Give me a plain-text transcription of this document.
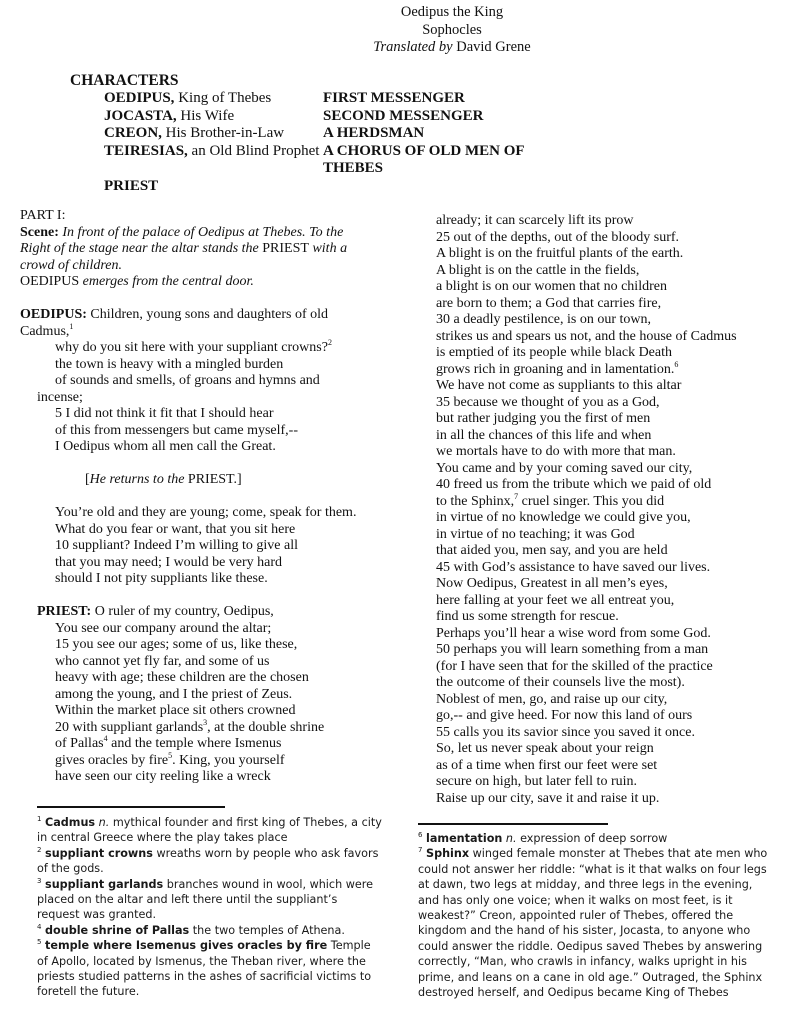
Oedipus the King
Sophocles
Translated by David Grene
CHARACTERS
OEDIPUS, King of Thebes
JOCASTA, His Wife
CREON, His Brother-in-Law
TEIRESIAS, an Old Blind Prophet
FIRST MESSENGER
SECOND MESSENGER
A HERDSMAN
A CHORUS OF OLD MEN OF
THEBES
PRIEST
PART I:
Scene: In front of the palace of Oedipus at Thebes. To the
Right of the stage near the altar stands the PRIEST with a
crowd of children.
OEDIPUS emerges from the central door.
OEDIPUS: Children, young sons and daughters of old
Cadmus,$^1$
why do you sit here with your suppliant crowns?$^2$
the town is heavy with a mingled burden
of sounds and smells, of groans and hymns and
incense;
5 I did not think it fit that I should hear
of this from messengers but came myself,--
I Oedipus whom all men call the Great.
[He returns to the PRIEST.]
You’re old and they are young; come, speak for them.
What do you fear or want, that you sit here
10 suppliant? Indeed I’m willing to give all
that you may need; I would be very hard
should I not pity suppliants like these.
PRIEST: O ruler of my country, Oedipus,
You see our company around the altar;
15 you see our ages; some of us, like these,
who cannot yet fly far, and some of us
heavy with age; these children are the chosen
among the young, and I the priest of Zeus.
Within the market place sit others crowned
20 with suppliant garlands$^3$, at the double shrine
of Pallas$^4$ and the temple where Ismenus
gives oracles by fire$^5$. King, you yourself
have seen our city reeling like a wreck
already; it can scarcely lift its prow
25 out of the depths, out of the bloody surf.
A blight is on the fruitful plants of the earth.
A blight is on the cattle in the fields,
a blight is on our women that no children
are born to them; a God that carries fire,
30 a deadly pestilence, is on our town,
strikes us and spears us not, and the house of Cadmus
is emptied of its people while black Death
grows rich in groaning and in lamentation.$^6$
We have not come as suppliants to this altar
35 because we thought of you as a God,
but rather judging you the first of men
in all the chances of this life and when
we mortals have to do with more that man.
You came and by your coming saved our city,
40 freed us from the tribute which we paid of old
to the Sphinx,$^7$ cruel singer. This you did
in virtue of no knowledge we could give you,
in virtue of no teaching; it was God
that aided you, men say, and you are held
45 with God’s assistance to have saved our lives.
Now Oedipus, Greatest in all men’s eyes,
here falling at your feet we all entreat you,
find us some strength for rescue.
Perhaps you’ll hear a wise word from some God.
50 perhaps you will learn something from a man
(for I have seen that for the skilled of the practice
the outcome of their counsels live the most).
Noblest of men, go, and raise up our city,
go,-- and give heed. For now this land of ours
55 calls you its savior since you saved it once.
So, let us never speak about your reign
as of a time when first our feet were set
secure on high, but later fell to ruin.
Raise up our city, save it and raise it up.
$^1$ Cadmus n. mythical founder and first king of Thebes, a city in central Greece where the play takes place
$^2$ suppliant crowns wreaths worn by people who ask favors of the gods.
$^3$ suppliant garlands branches wound in wool, which were placed on the altar and left there until the suppliant’s request was granted.
$^4$ double shrine of Pallas the two temples of Athena.
$^5$ temple where Isemenus gives oracles by fire Temple of Apollo, located by Ismenus, the Theban river, where the priests studied patterns in the ashes of sacrificial victims to foretell the future.
$^6$ lamentation n. expression of deep sorrow
$^7$ Sphinx winged female monster at Thebes that ate men who could not answer her riddle: “what is it that walks on four legs at dawn, two legs at midday, and three legs in the evening, and has only one voice; when it walks on most feet, is it weakest?” Creon, appointed ruler of Thebes, offered the kingdom and the hand of his sister, Jocasta, to anyone who could answer the riddle. Oedipus saved Thebes by answering correctly, “Man, who crawls in infancy, walks upright in his prime, and leans on a cane in old age.” Outraged, the Sphinx destroyed herself, and Oedipus became King of Thebes
